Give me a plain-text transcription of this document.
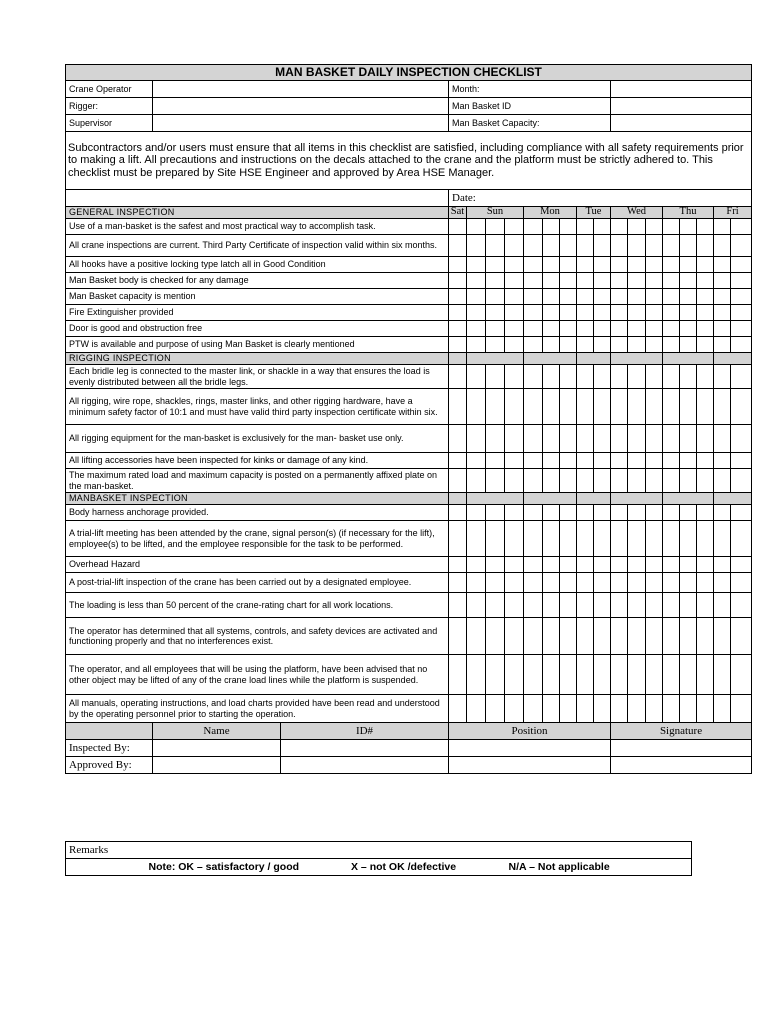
MAN BASKET DAILY INSPECTION CHECKLIST																			
Crane Operator			Month:																
Rigger:			Man Basket ID																
Supervisor			Man Basket Capacity:																
Subcontractors and/or users must ensure that all items in this checklist are satisfied, including compliance with all safety requirements prior to making a lift. All precautions and instructions on the decals attached to the crane and the platform must be strictly adhered to. This checklist must be prepared by Site HSE Engineer and approved by Area HSE Manager.																			
			Date:																
GENERAL INSPECTION			Sat	Sun			Mon			Tue		Wed			Thu			Fri	
Use of a man-basket is the safest and most practical way to accomplish task.																			
All crane inspections are current. Third Party Certificate of inspection valid within six months.																			
All hooks have a positive locking type latch all in Good Condition																			
Man Basket body is checked for any damage																			
Man Basket capacity is mention																			
Fire Extinguisher provided																			
Door is good and obstruction free																			
PTW is available and purpose of using Man Basket is clearly mentioned																			
RIGGING INSPECTION																			
Each bridle leg is connected to the master link, or shackle in a way that ensures the load is evenly distributed between all the bridle legs.																			
All rigging, wire rope, shackles, rings, master links, and other rigging hardware, have a minimum safety factor of 10:1 and must have valid third party inspection certificate within six.																			
All rigging equipment for the man-basket is exclusively for the man- basket use only.																			
All lifting accessories have been inspected for kinks or damage of any kind.																			
The maximum rated load and maximum capacity is posted on a permanently affixed plate on the man-basket.																			
MANBASKET INSPECTION																			
Body harness anchorage provided.																			
A trial-lift meeting has been attended by the crane, signal person(s) (if necessary for the lift), employee(s) to be lifted, and the employee responsible for the task to be performed.																			
Overhead Hazard																			
A post-trial-lift inspection of the crane has been carried out by a designated employee.																			
The loading is less than 50 percent of the crane-rating chart for all work locations.																			
The operator has determined that all systems, controls, and safety devices are activated and functioning properly and that no interferences exist.																			
The operator, and all employees that will be using the platform, have been advised that no other object may be lifted of any of the crane load lines while the platform is suspended.																			
All manuals, operating instructions, and load charts provided have been read and understood by the operating personnel prior to starting the operation.																			
	Name	ID#	Position									Signature							
Inspected By:																			
Approved By:																			
Remarks
	Note: OK – satisfactory / good	X – not OK /defective	N/A – Not applicable
